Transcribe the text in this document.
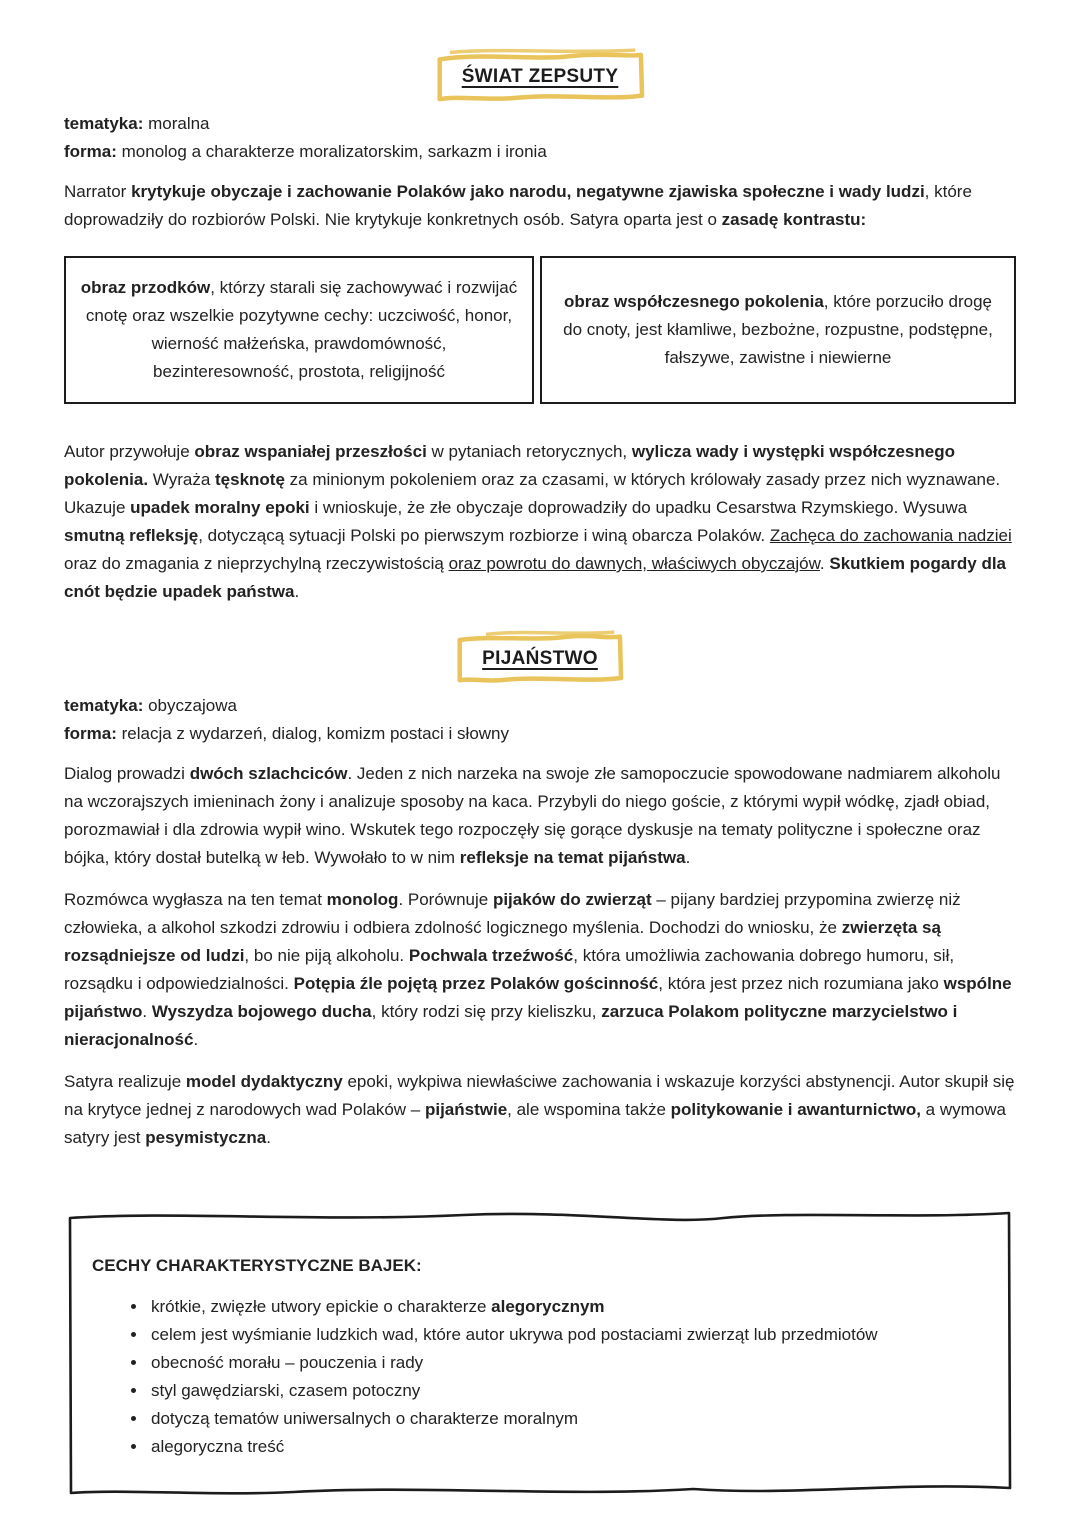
ŚWIAT ZEPSUTY

tematyka: moralna

forma: monolog a charakterze moralizatorskim, sarkazm i ironia

Narrator krytykuje obyczaje i zachowanie Polaków jako narodu, negatywne zjawiska społeczne i wady ludzi, które doprowadziły do rozbiorów Polski. Nie krytykuje konkretnych osób. Satyra oparta jest o zasadę kontrastu:

obraz przodków, którzy starali się zachowywać i rozwijać cnotę oraz wszelkie pozytywne cechy: uczciwość, honor, wierność małżeńska, prawdomówność, bezinteresowność, prostota, religijność
obraz współczesnego pokolenia, które porzuciło drogę do cnoty, jest kłamliwe, bezbożne, rozpustne, podstępne, fałszywe, zawistne i niewierne

Autor przywołuje obraz wspaniałej przeszłości w pytaniach retorycznych, wylicza wady i występki współczesnego pokolenia. Wyraża tęsknotę za minionym pokoleniem oraz za czasami, w których królowały zasady przez nich wyznawane. Ukazuje upadek moralny epoki i wnioskuje, że złe obyczaje doprowadziły do upadku Cesarstwa Rzymskiego. Wysuwa smutną refleksję, dotyczącą sytuacji Polski po pierwszym rozbiorze i winą obarcza Polaków. Zachęca do zachowania nadziei oraz do zmagania z nieprzychylną rzeczywistością oraz powrotu do dawnych, właściwych obyczajów. Skutkiem pogardy dla cnót będzie upadek państwa.

PIJAŃSTWO

tematyka: obyczajowa

forma: relacja z wydarzeń, dialog, komizm postaci i słowny

Dialog prowadzi dwóch szlachciców. Jeden z nich narzeka na swoje złe samopoczucie spowodowane nadmiarem alkoholu na wczorajszych imieninach żony i analizuje sposoby na kaca. Przybyli do niego goście, z którymi wypił wódkę, zjadł obiad, porozmawiał i dla zdrowia wypił wino. Wskutek tego rozpoczęły się gorące dyskusje na tematy polityczne i społeczne oraz bójka, który dostał butelką w łeb. Wywołało to w nim refleksje na temat pijaństwa.

Rozmówca wygłasza na ten temat monolog. Porównuje pijaków do zwierząt – pijany bardziej przypomina zwierzę niż człowieka, a alkohol szkodzi zdrowiu i odbiera zdolność logicznego myślenia. Dochodzi do wniosku, że zwierzęta są rozsądniejsze od ludzi, bo nie piją alkoholu. Pochwala trzeźwość, która umożliwia zachowania dobrego humoru, sił, rozsądku i odpowiedzialności. Potępia źle pojętą przez Polaków gościnność, która jest przez nich rozumiana jako wspólne pijaństwo. Wyszydza bojowego ducha, który rodzi się przy kieliszku, zarzuca Polakom polityczne marzycielstwo i nieracjonalność.

Satyra realizuje model dydaktyczny epoki, wykpiwa niewłaściwe zachowania i wskazuje korzyści abstynencji. Autor skupił się na krytyce jednej z narodowych wad Polaków – pijaństwie, ale wspomina także politykowanie i awanturnictwo, a wymowa satyry jest pesymistyczna.

CECHY CHARAKTERYSTYCZNE BAJEK:

• krótkie, zwięzłe utwory epickie o charakterze alegorycznym
• celem jest wyśmianie ludzkich wad, które autor ukrywa pod postaciami zwierząt lub przedmiotów
• obecność morału – pouczenia i rady
• styl gawędziarski, czasem potoczny
• dotyczą tematów uniwersalnych o charakterze moralnym
• alegoryczna treść
